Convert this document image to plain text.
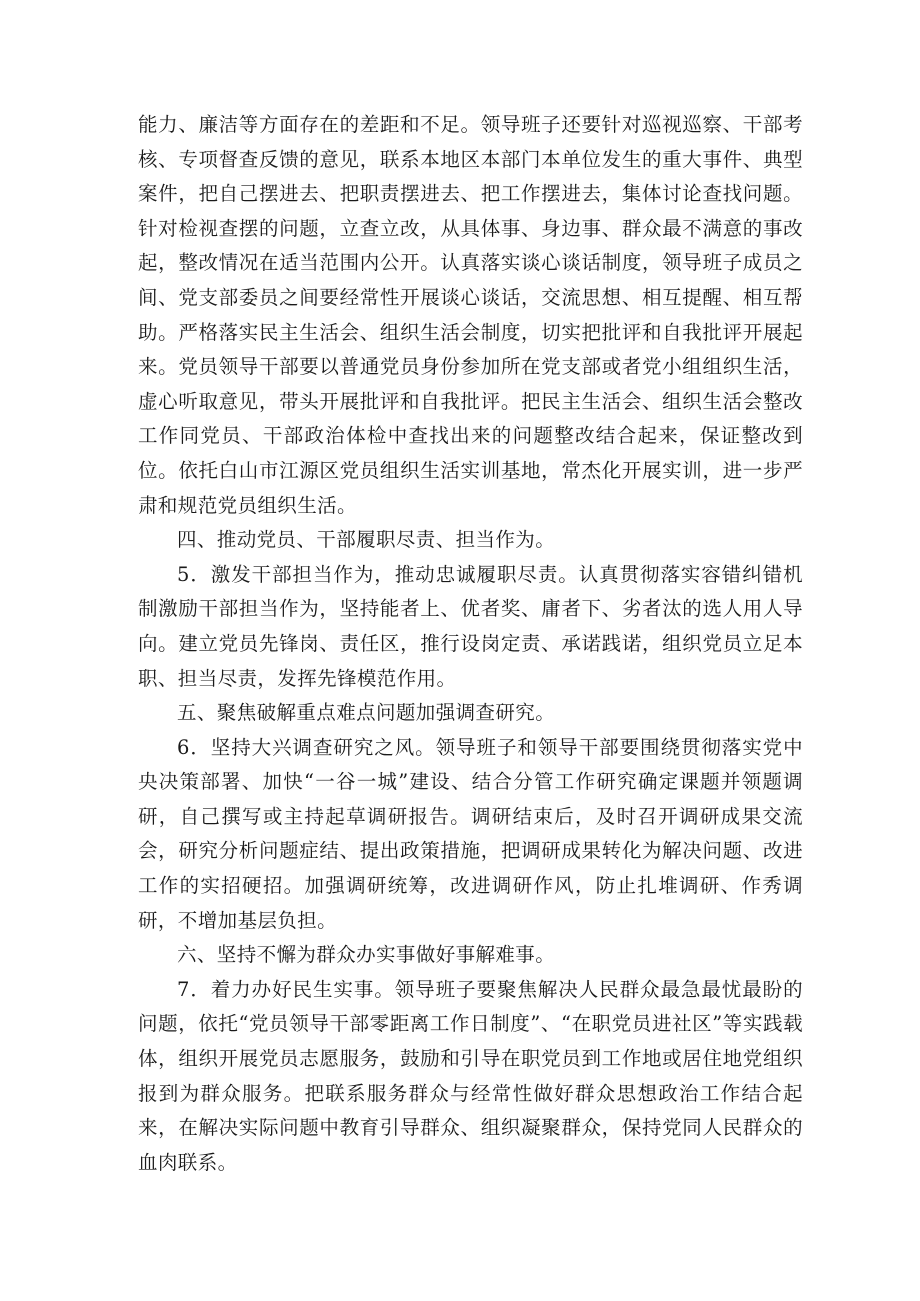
能力、廉洁等方面存在的差距和不足。领导班子还要针对巡视巡察、干部考核、专项督查反馈的意见，联系本地区本部门本单位发生的重大事件、典型案件，把自己摆进去、把职责摆进去、把工作摆进去，集体讨论查找问题。针对检视查摆的问题，立查立改，从具体事、身边事、群众最不满意的事改起，整改情况在适当范围内公开。认真落实谈心谈话制度，领导班子成员之间、党支部委员之间要经常性开展谈心谈话，交流思想、相互提醒、相互帮助。严格落实民主生活会、组织生活会制度，切实把批评和自我批评开展起来。党员领导干部要以普通党员身份参加所在党支部或者党小组组织生活，虚心听取意见，带头开展批评和自我批评。把民主生活会、组织生活会整改工作同党员、干部政治体检中查找出来的问题整改结合起来，保证整改到位。依托白山市江源区党员组织生活实训基地，常杰化开展实训，进一步严肃和规范党员组织生活。

四、推动党员、干部履职尽责、担当作为。

5．激发干部担当作为，推动忠诚履职尽责。认真贯彻落实容错纠错机制激励干部担当作为，坚持能者上、优者奖、庸者下、劣者汰的选人用人导向。建立党员先锋岗、责任区，推行设岗定责、承诺践诺，组织党员立足本职、担当尽责，发挥先锋模范作用。

五、聚焦破解重点难点问题加强调查研究。

6．坚持大兴调查研究之风。领导班子和领导干部要围绕贯彻落实党中央决策部署、加快“一谷一城”建设、结合分管工作研究确定课题并领题调研，自己撰写或主持起草调研报告。调研结束后，及时召开调研成果交流会，研究分析问题症结、提出政策措施，把调研成果转化为解决问题、改进工作的实招硬招。加强调研统筹，改进调研作风，防止扎堆调研、作秀调研，不增加基层负担。

六、坚持不懈为群众办实事做好事解难事。

7．着力办好民生实事。领导班子要聚焦解决人民群众最急最忧最盼的问题，依托“党员领导干部零距离工作日制度”、“在职党员进社区”等实践载体，组织开展党员志愿服务，鼓励和引导在职党员到工作地或居住地党组织报到为群众服务。把联系服务群众与经常性做好群众思想政治工作结合起来，在解决实际问题中教育引导群众、组织凝聚群众，保持党同人民群众的血肉联系。
